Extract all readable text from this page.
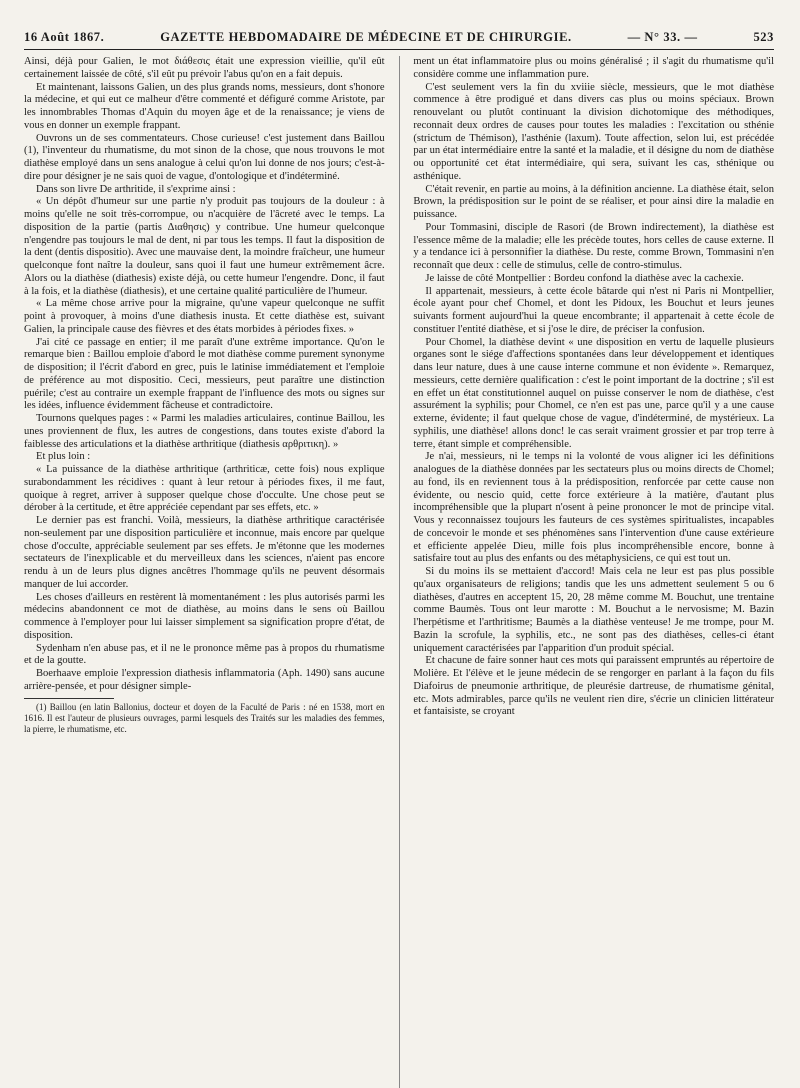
16 Août 1867.	GAZETTE HEBDOMADAIRE DE MÉDECINE ET DE CHIRURGIE.	— N° 33. —	523

Ainsi, déjà pour Galien, le mot διάθεσις était une expression vieillie, qu'il eût certainement laissée de côté, s'il eût pu prévoir l'abus qu'on en a fait depuis.

Et maintenant, laissons Galien, un des plus grands noms, messieurs, dont s'honore la médecine, et qui eut ce malheur d'être commenté et défiguré comme Aristote, par les innombrables Thomas d'Aquin du moyen âge et de la renaissance; je viens de vous en donner un exemple frappant.

Ouvrons un de ses commentateurs. Chose curieuse! c'est justement dans Baillou (1), l'inventeur du rhumatisme, du mot sinon de la chose, que nous trouvons le mot diathèse employé dans un sens analogue à celui qu'on lui donne de nos jours; c'est-à-dire pour désigner je ne sais quoi de vague, d'ontologique et d'indéterminé.

Dans son livre De arthritide, il s'exprime ainsi :

« Un dépôt d'humeur sur une partie n'y produit pas toujours de la douleur : à moins qu'elle ne soit très-corrompue, ou n'acquière de l'âcreté avec le temps. La disposition de la partie (partis Διαθησις) y contribue. Une humeur quelconque n'engendre pas toujours le mal de dent, ni par tous les temps. Il faut la disposition de la dent (dentis dispositio). Avec une mauvaise dent, la moindre fraîcheur, une humeur quelconque font naître la douleur, sans quoi il faut une humeur extrêmement âcre. Alors ou la diathèse (diathesis) existe déjà, ou cette humeur l'engendre. Donc, il faut à la fois, et la diathèse (diathesis), et une certaine qualité particulière de l'humeur.

« La même chose arrive pour la migraine, qu'une vapeur quelconque ne suffit point à provoquer, à moins d'une diathesis inusta. Et cette diathèse est, suivant Galien, la principale cause des fièvres et des états morbides à périodes fixes. »

J'ai cité ce passage en entier; il me paraît d'une extrême importance. Qu'on le remarque bien : Baillou emploie d'abord le mot diathèse comme purement synonyme de disposition; il l'écrit d'abord en grec, puis le latinise immédiatement et l'emploie de préférence au mot dispositio. Ceci, messieurs, peut paraître une distinction puérile; c'est au contraire un exemple frappant de l'influence des mots ou signes sur les idées, influence évidemment fâcheuse et contradictoire.

Tournons quelques pages : « Parmi les maladies articulaires, continue Baillou, les unes proviennent de flux, les autres de congestions, dans toutes existe d'abord la faiblesse des articulations et la diathèse arthritique (diathesis αρθριτικη). »

Et plus loin :

« La puissance de la diathèse arthritique (arthriticæ, cette fois) nous explique surabondamment les récidives : quant à leur retour à périodes fixes, il me faut, quoique à regret, arriver à supposer quelque chose d'occulte. Une chose peut se dérober à la certitude, et être appréciée cependant par ses effets, etc. »

Le dernier pas est franchi. Voilà, messieurs, la diathèse arthritique caractérisée non-seulement par une disposition particulière et inconnue, mais encore par quelque chose d'occulte, appréciable seulement par ses effets. Je m'étonne que les modernes sectateurs de l'inexplicable et du merveilleux dans les sciences, n'aient pas encore rendu à un de leurs plus dignes ancêtres l'hommage qu'ils ne peuvent désormais manquer de lui accorder.

Les choses d'ailleurs en restèrent là momentanément : les plus autorisés parmi les médecins abandonnent ce mot de diathèse, au moins dans le sens où Baillou commence à l'employer pour lui laisser simplement sa signification propre d'état, de disposition.

Sydenham n'en abuse pas, et il ne le prononce même pas à propos du rhumatisme et de la goutte.

Boerhaave emploie l'expression diathesis inflammatoria (Aph. 1490) sans aucune arrière-pensée, et pour désigner simple-

(1) Baillou (en latin Ballonius, docteur et doyen de la Faculté de Paris : né en 1538, mort en 1616. Il est l'auteur de plusieurs ouvrages, parmi lesquels des Traités sur les maladies des femmes, la pierre, le rhumatisme, etc.

ment un état inflammatoire plus ou moins généralisé ; il s'agit du rhumatisme qu'il considère comme une inflammation pure.

C'est seulement vers la fin du xviiie siècle, messieurs, que le mot diathèse commence à être prodigué et dans divers cas plus ou moins spéciaux. Brown renouvelant ou plutôt continuant la division dichotomique des méthodiques, reconnait deux ordres de causes pour toutes les maladies : l'excitation ou sthénie (strictum de Thémison), l'asthénie (laxum). Toute affection, selon lui, est précédée par un état intermédiaire entre la santé et la maladie, et il désigne du nom de diathèse ou opportunité cet état intermédiaire, qui sera, suivant les cas, sthénique ou asthénique.

C'était revenir, en partie au moins, à la définition ancienne. La diathèse était, selon Brown, la prédisposition sur le point de se réaliser, et pour ainsi dire la maladie en puissance.

Pour Tommasini, disciple de Rasori (de Brown indirectement), la diathèse est l'essence même de la maladie; elle les précède toutes, hors celles de cause externe. Il y a tendance ici à personnifier la diathèse. Du reste, comme Brown, Tommasini n'en reconnaît que deux : celle de stimulus, celle de contro-stimulus.

Je laisse de côté Montpellier : Bordeu confond la diathèse avec la cachexie.

Il appartenait, messieurs, à cette école bâtarde qui n'est ni Paris ni Montpellier, école ayant pour chef Chomel, et dont les Pidoux, les Bouchut et leurs jeunes suivants forment aujourd'hui la queue encombrante; il appartenait à cette école de constituer l'entité diathèse, et si j'ose le dire, de préciser la confusion.

Pour Chomel, la diathèse devint « une disposition en vertu de laquelle plusieurs organes sont le siége d'affections spontanées dans leur développement et identiques dans leur nature, dues à une cause interne commune et non évidente ». Remarquez, messieurs, cette dernière qualification : c'est le point important de la doctrine ; s'il est en effet un état constitutionnel auquel on puisse conserver le nom de diathèse, c'est assurément la syphilis; pour Chomel, ce n'en est pas une, parce qu'il y a une cause externe, évidente; il faut quelque chose de vague, d'indéterminé, de mystérieux. La syphilis, une diathèse! allons donc! le cas serait vraiment grossier et par trop terre à terre, étant simple et compréhensible.

Je n'ai, messieurs, ni le temps ni la volonté de vous aligner ici les définitions analogues de la diathèse données par les sectateurs plus ou moins directs de Chomel; au fond, ils en reviennent tous à la prédisposition, renforcée par cette cause non évidente, ou nescio quid, cette force extérieure à la matière, d'autant plus incompréhensible que la plupart n'osent à peine prononcer le mot de principe vital. Vous y reconnaissez toujours les fauteurs de ces systèmes spiritualistes, incapables de concevoir le monde et ses phénomènes sans l'intervention d'une cause extérieure et efficiente appelée Dieu, mille fois plus incompréhensible encore, bonne à satisfaire tout au plus des enfants ou des métaphysiciens, ce qui est tout un.

Si du moins ils se mettaient d'accord! Mais cela ne leur est pas plus possible qu'aux organisateurs de religions; tandis que les uns admettent seulement 5 ou 6 diathèses, d'autres en acceptent 15, 20, 28 même comme M. Bouchut, une trentaine comme Baumès. Tous ont leur marotte : M. Bouchut a le nervosisme; M. Bazin l'herpétisme et l'arthritisme; Baumès a la diathèse venteuse! Je me trompe, pour M. Bazin la scrofule, la syphilis, etc., ne sont pas des diathèses, celles-ci étant uniquement caractérisées par l'apparition d'un produit spécial.

Et chacune de faire sonner haut ces mots qui paraissent empruntés au répertoire de Molière. Et l'élève et le jeune médecin de se rengorger en parlant à la façon du fils Diafoirus de pneumonie arthritique, de pleurésie dartreuse, de rhumatisme génital, etc. Mots admirables, parce qu'ils ne veulent rien dire, s'écrie un clinicien littérateur et fantaisiste, se croyant
